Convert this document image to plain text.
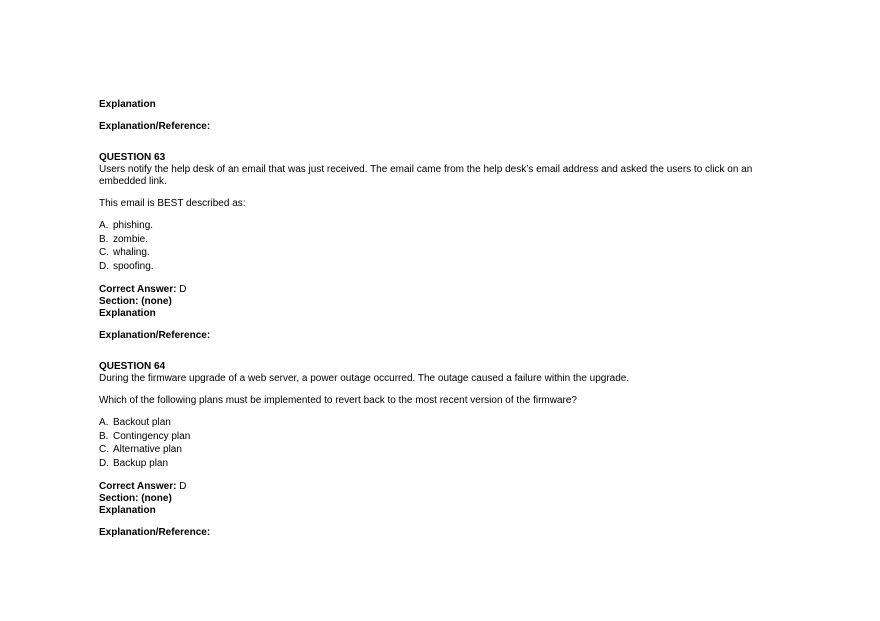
Explanation
Explanation/Reference:
QUESTION 63
Users notify the help desk of an email that was just received. The email came from the help desk’s email address and asked the users to click on an embedded link.
This email is BEST described as:
A. phishing.
B. zombie.
C. whaling.
D. spoofing.
Correct Answer: D
Section: (none)
Explanation
Explanation/Reference:
QUESTION 64
During the firmware upgrade of a web server, a power outage occurred. The outage caused a failure within the upgrade.
Which of the following plans must be implemented to revert back to the most recent version of the firmware?
A. Backout plan
B. Contingency plan
C. Alternative plan
D. Backup plan
Correct Answer: D
Section: (none)
Explanation
Explanation/Reference:
